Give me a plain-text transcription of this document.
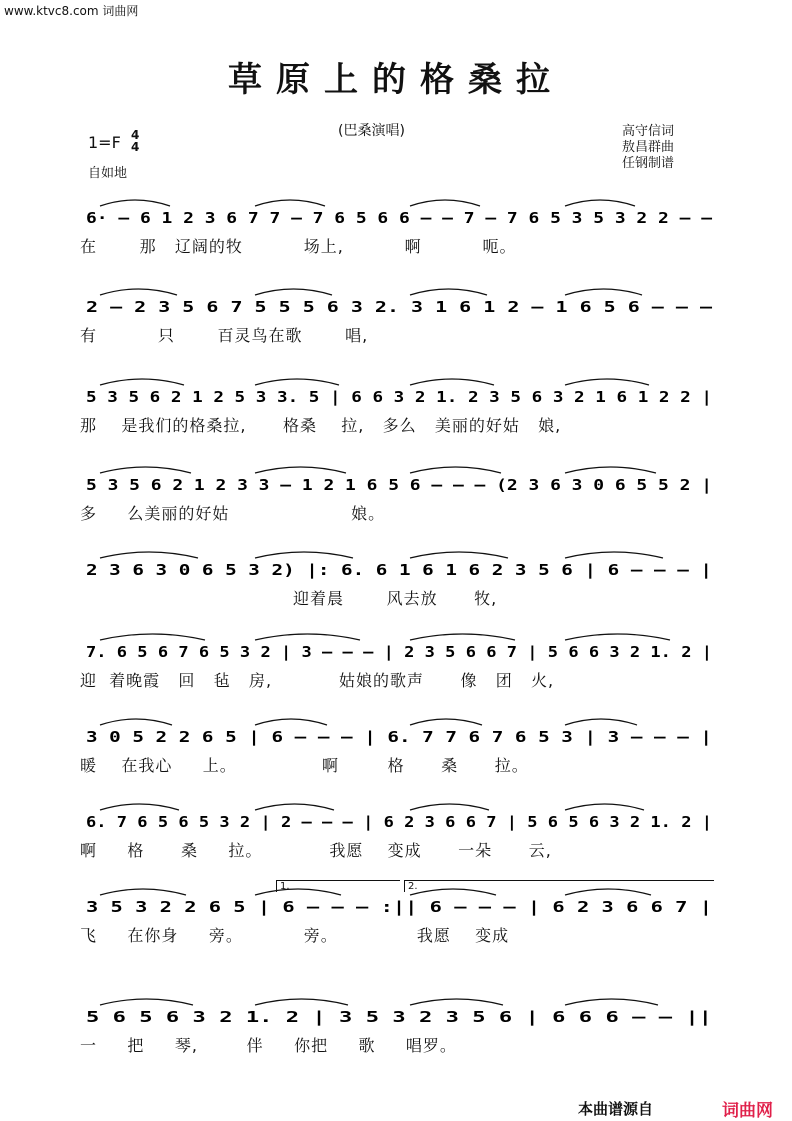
www.ktvc8.com 词曲网
草原上的格桑拉
(巴桑演唱)	高守信词
敖昌群曲
任钢制谱
1=F 4
4
自如地
6· – 6 1 2 3 6 7 7 – 7 6 5 6 6 – – 7 – 7 6 5 3 5 3 2 2 – –
在       那   辽阔的牧          场上,          啊          呃。
2 – 2 3 5 6 7 5 5 5 6 3 2. 3 1 6 1 2 – 1 6 5 6 – – –
有          只       百灵鸟在歌       唱,
5 3 5 6 2 1 2 5 3 3. 5 | 6 6 3 2 1. 2 3 5 6 3 2 1 6 1 2 2 |
那    是我们的格桑拉,      格桑    拉,   多么   美丽的好姑   娘,
5 3 5 6 2 1 2 3 3 – 1 2 1 6 5 6 – – – (2 3 6 3 0 6 5 5 2 |
多     么美丽的好姑                    娘。
2 3 6 3 0 6 5 3 2) |: 6. 6 1 6 1 6 2 3 5 6 | 6 – – – |
迎着晨       风去放      牧,
7. 6 5 6 7 6 5 3 2 | 3 – – – | 2 3 5 6 6 7 | 5 6 6 3 2 1. 2 |
迎  着晚霞   回   毡   房,           姑娘的歌声      像   团   火,
3 0 5 2 2 6 5 | 6 – – – | 6. 7 7 6 7 6 5 3 | 3 – – – |
暖    在我心     上。              啊        格      桑      拉。
6. 7 6 5 6 5 3 2 | 2 – – – | 6 2 3 6 6 7 | 5 6 5 6 3 2 1. 2 |
啊     格      桑     拉。           我愿    变成      一朵      云,
3 5 3 2 2 6 5 | 6 – – – :|| 6 – – – | 6 2 3 6 6 7 |
飞     在你身     旁。          旁。             我愿    变成
5 6 5 6 3 2 1. 2 | 3 5 3 2 3 5 6 | 6 6 6 – – ||
一     把     琴,        伴     你把     歌     唱罗。
本曲谱源自	词曲网
1.	2.
